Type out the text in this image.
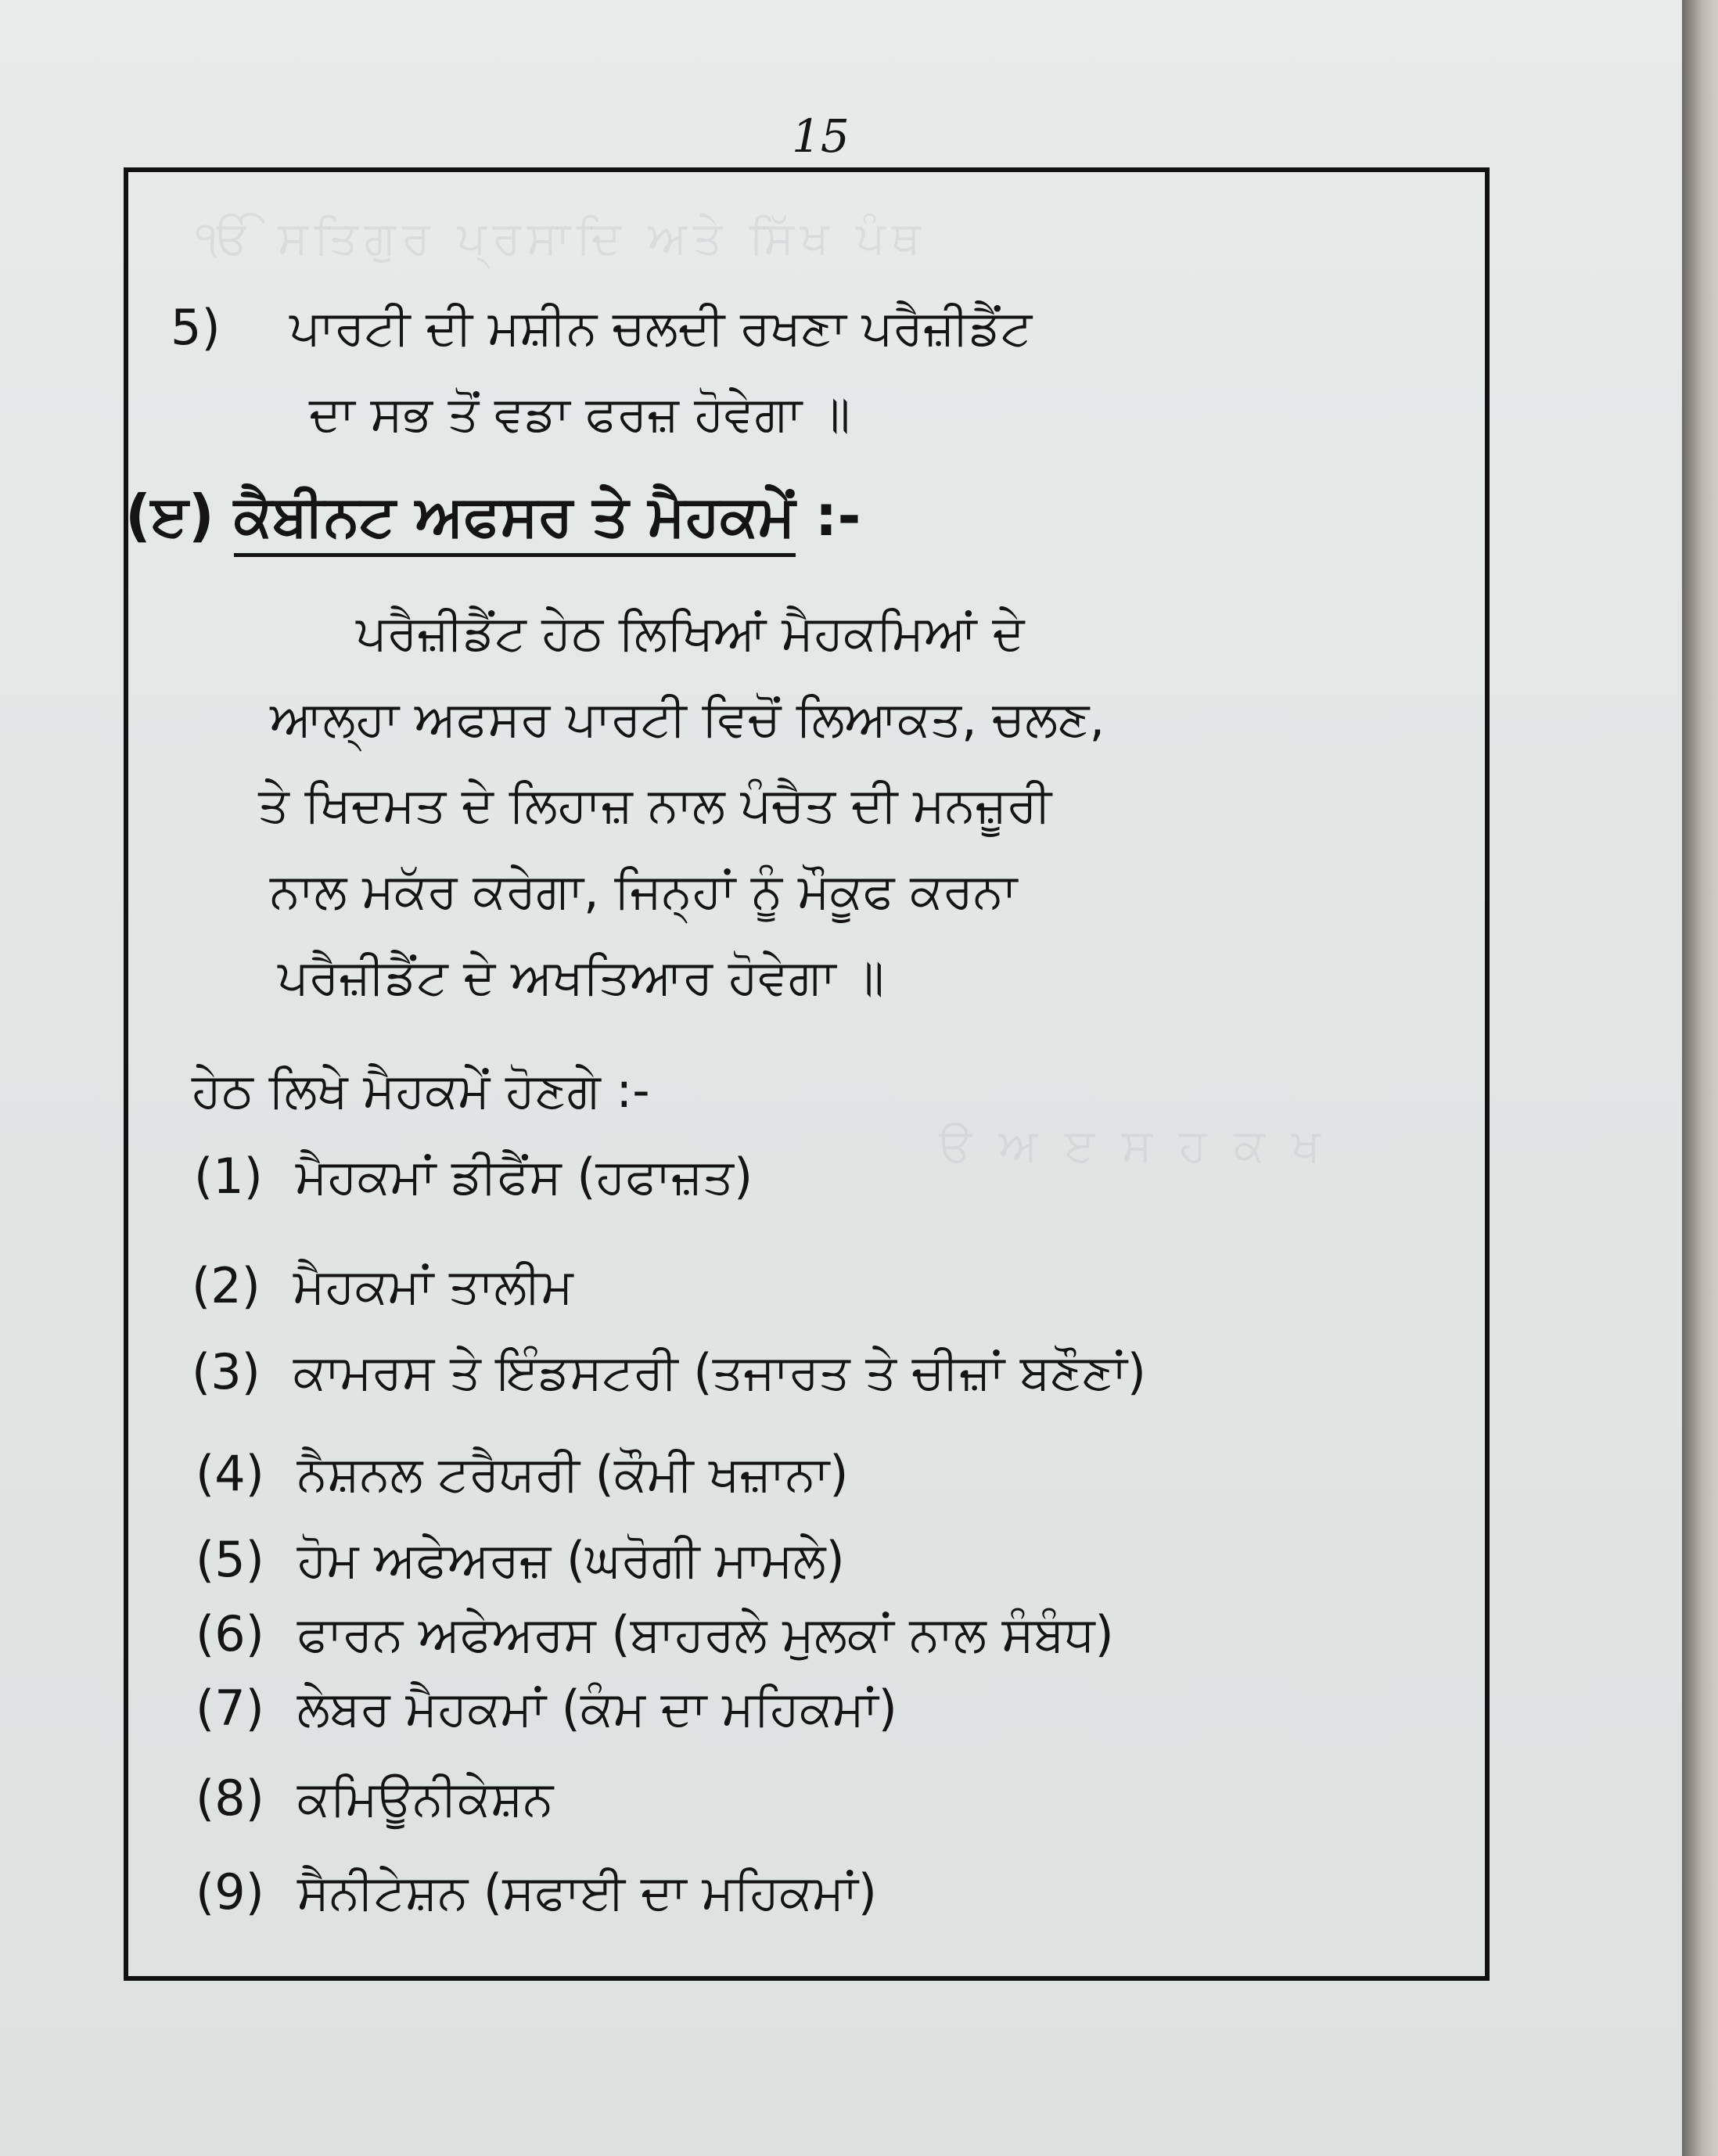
ੴ ਸਤਿਗੁਰ ਪ੍ਰਸਾਦਿ ਅਤੇ ਸਿੱਖ ਪੰਥ
ੳ ਅ ੲ ਸ ਹ ਕ ਖ
15
5) ਪਾਰਟੀ ਦੀ ਮਸ਼ੀਨ ਚਲਦੀ ਰਖਣਾ ਪਰੈਜ਼ੀਡੈਂਟ
ਦਾ ਸਭ ਤੋਂ ਵਡਾ ਫਰਜ਼ ਹੋਵੇਗਾ ॥
(ੲ) ਕੈਬੀਨਟ ਅਫਸਰ ਤੇ ਮੈਹਕਮੇਂ :-
ਪਰੈਜ਼ੀਡੈਂਟ ਹੇਠ ਲਿਖਿਆਂ ਮੈਹਕਮਿਆਂ ਦੇ
ਆਲ੍ਹਾ ਅਫਸਰ ਪਾਰਟੀ ਵਿਚੋਂ ਲਿਆਕਤ, ਚਲਣ,
ਤੇ ਖਿਦਮਤ ਦੇ ਲਿਹਾਜ਼ ਨਾਲ ਪੰਚੈਤ ਦੀ ਮਨਜ਼ੂਰੀ
ਨਾਲ ਮਕੱਰ ਕਰੇਗਾ, ਜਿਨ੍ਹਾਂ ਨੂੰ ਮੌਕੂਫ ਕਰਨਾ
ਪਰੈਜ਼ੀਡੈਂਟ ਦੇ ਅਖਤਿਆਰ ਹੋਵੇਗਾ ॥
ਹੇਠ ਲਿਖੇ ਮੈਹਕਮੇਂ ਹੋਣਗੇ :-
(1) ਮੈਹਕਮਾਂ ਡੀਫੈਂਸ (ਹਫਾਜ਼ਤ)
(2) ਮੈਹਕਮਾਂ ਤਾਲੀਮ
(3) ਕਾਮਰਸ ਤੇ ਇੰਡਸਟਰੀ (ਤਜਾਰਤ ਤੇ ਚੀਜ਼ਾਂ ਬਣੌਣਾਂ)
(4) ਨੈਸ਼ਨਲ ਟਰੈਯਰੀ (ਕੌਮੀ ਖਜ਼ਾਨਾ)
(5) ਹੋਮ ਅਫੇਅਰਜ਼ (ਘਰੋਗੀ ਮਾਮਲੇ)
(6) ਫਾਰਨ ਅਫੇਅਰਸ (ਬਾਹਰਲੇ ਮੁਲਕਾਂ ਨਾਲ ਸੰਬੰਧ)
(7) ਲੇਬਰ ਮੈਹਕਮਾਂ (ਕੰਮ ਦਾ ਮਹਿਕਮਾਂ)
(8) ਕਮਿਊਨੀਕੇਸ਼ਨ
(9) ਸੈਨੀਟੇਸ਼ਨ (ਸਫਾਈ ਦਾ ਮਹਿਕਮਾਂ)
